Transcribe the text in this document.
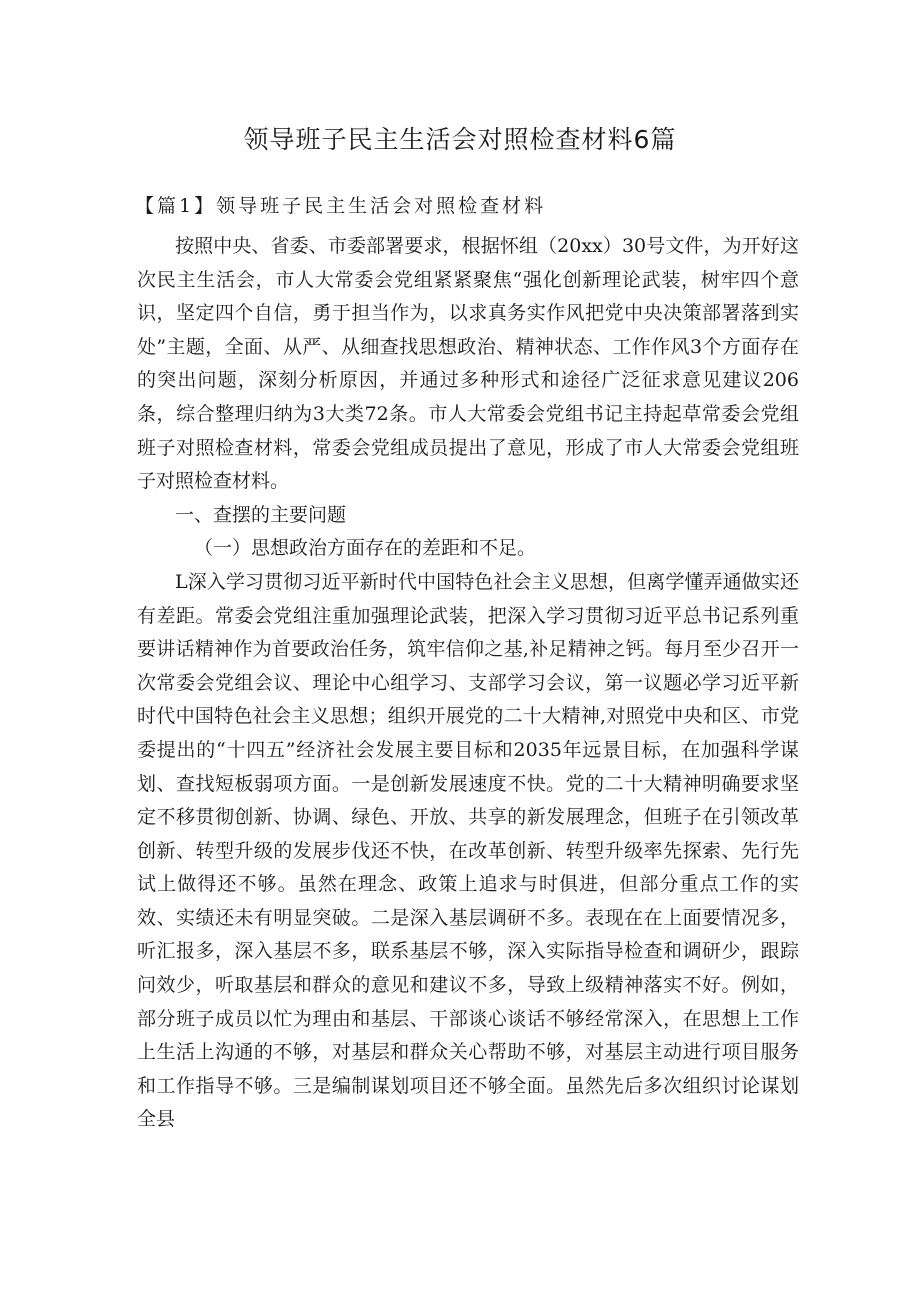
领导班子民主生活会对照检查材料6篇
【篇1】领导班子民主生活会对照检查材料

按照中央、省委、市委部署要求，根据怀组（20xx）30号文件，为开好这次民主生活会，市人大常委会党组紧紧聚焦“强化创新理论武装，树牢四个意识，坚定四个自信，勇于担当作为，以求真务实作风把党中央决策部署落到实处”主题，全面、从严、从细查找思想政治、精神状态、工作作风3个方面存在的突出问题，深刻分析原因，并通过多种形式和途径广泛征求意见建议206条，综合整理归纳为3大类72条。市人大常委会党组书记主持起草常委会党组班子对照检查材料，常委会党组成员提出了意见，形成了市人大常委会党组班子对照检查材料。

一、查摆的主要问题

（一）思想政治方面存在的差距和不足。

L深入学习贯彻习近平新时代中国特色社会主义思想，但离学懂弄通做实还有差距。常委会党组注重加强理论武装，把深入学习贯彻习近平总书记系列重要讲话精神作为首要政治任务，筑牢信仰之基,补足精神之钙。每月至少召开一次常委会党组会议、理论中心组学习、支部学习会议，第一议题必学习近平新时代中国特色社会主义思想；组织开展党的二十大精神,对照党中央和区、市党委提出的“十四五”经济社会发展主要目标和2035年远景目标，在加强科学谋划、查找短板弱项方面。一是创新发展速度不快。党的二十大精神明确要求坚定不移贯彻创新、协调、绿色、开放、共享的新发展理念，但班子在引领改革创新、转型升级的发展步伐还不快，在改革创新、转型升级率先探索、先行先试上做得还不够。虽然在理念、政策上追求与时俱进，但部分重点工作的实效、实绩还未有明显突破。二是深入基层调研不多。表现在在上面要情况多，听汇报多，深入基层不多，联系基层不够，深入实际指导检查和调研少，跟踪问效少，听取基层和群众的意见和建议不多，导致上级精神落实不好。例如，部分班子成员以忙为理由和基层、干部谈心谈话不够经常深入，在思想上工作上生活上沟通的不够，对基层和群众关心帮助不够，对基层主动进行项目服务和工作指导不够。三是编制谋划项目还不够全面。虽然先后多次组织讨论谋划全县
